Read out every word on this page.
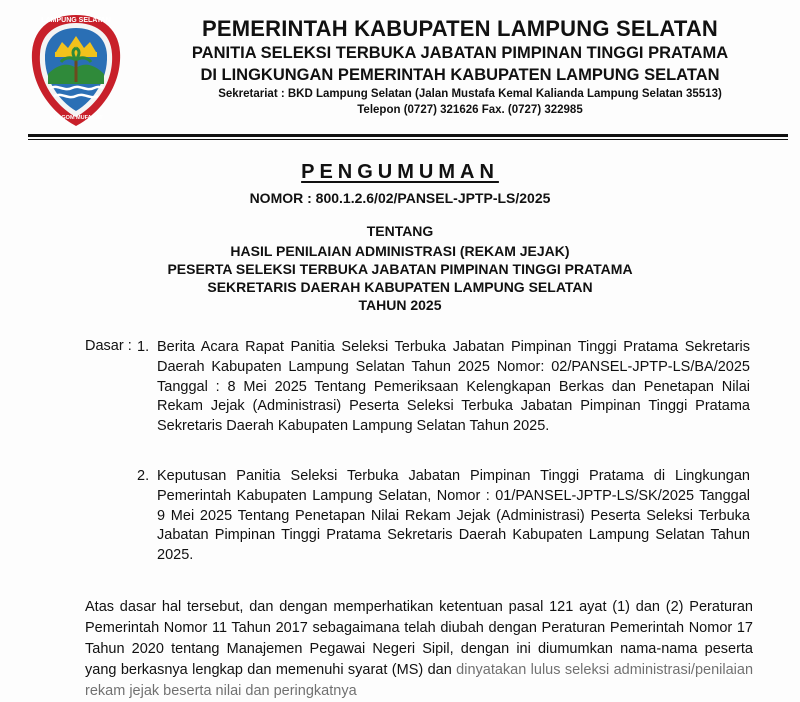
LAMPUNG SELATAN
KHAGOM MUFAKAT
PEMERINTAH KABUPATEN LAMPUNG SELATAN
PANITIA SELEKSI TERBUKA JABATAN PIMPINAN TINGGI PRATAMA
DI LINGKUNGAN PEMERINTAH KABUPATEN LAMPUNG SELATAN
Sekretariat : BKD Lampung Selatan (Jalan Mustafa Kemal Kalianda Lampung Selatan 35513)
Telepon (0727) 321626 Fax. (0727) 322985
PENGUMUMAN
NOMOR : 800.1.2.6/02/PANSEL-JPTP-LS/2025
TENTANG
HASIL PENILAIAN ADMINISTRASI (REKAM JEJAK)
PESERTA SELEKSI TERBUKA JABATAN PIMPINAN TINGGI PRATAMA
SEKRETARIS DAERAH KABUPATEN LAMPUNG SELATAN
TAHUN 2025
Dasar : 1. Berita Acara Rapat Panitia Seleksi Terbuka Jabatan Pimpinan Tinggi Pratama Sekretaris Daerah Kabupaten Lampung Selatan Tahun 2025 Nomor: 02/PANSEL-JPTP-LS/BA/2025 Tanggal : 8 Mei 2025 Tentang Pemeriksaan Kelengkapan Berkas dan Penetapan Nilai Rekam Jejak (Administrasi) Peserta Seleksi Terbuka Jabatan Pimpinan Tinggi Pratama Sekretaris Daerah Kabupaten Lampung Selatan Tahun 2025.
2. Keputusan Panitia Seleksi Terbuka Jabatan Pimpinan Tinggi Pratama di Lingkungan Pemerintah Kabupaten Lampung Selatan, Nomor : 01/PANSEL-JPTP-LS/SK/2025 Tanggal 9 Mei 2025 Tentang Penetapan Nilai Rekam Jejak (Administrasi) Peserta Seleksi Terbuka Jabatan Pimpinan Tinggi Pratama Sekretaris Daerah Kabupaten Lampung Selatan Tahun 2025.
Atas dasar hal tersebut, dan dengan memperhatikan ketentuan pasal 121 ayat (1) dan (2) Peraturan Pemerintah Nomor 11 Tahun 2017 sebagaimana telah diubah dengan Peraturan Pemerintah Nomor 17 Tahun 2020 tentang Manajemen Pegawai Negeri Sipil, dengan ini diumumkan nama-nama peserta yang berkasnya lengkap dan memenuhi syarat (MS) dan dinyatakan lulus seleksi administrasi/penilaian rekam jejak beserta nilai dan peringkatnya
